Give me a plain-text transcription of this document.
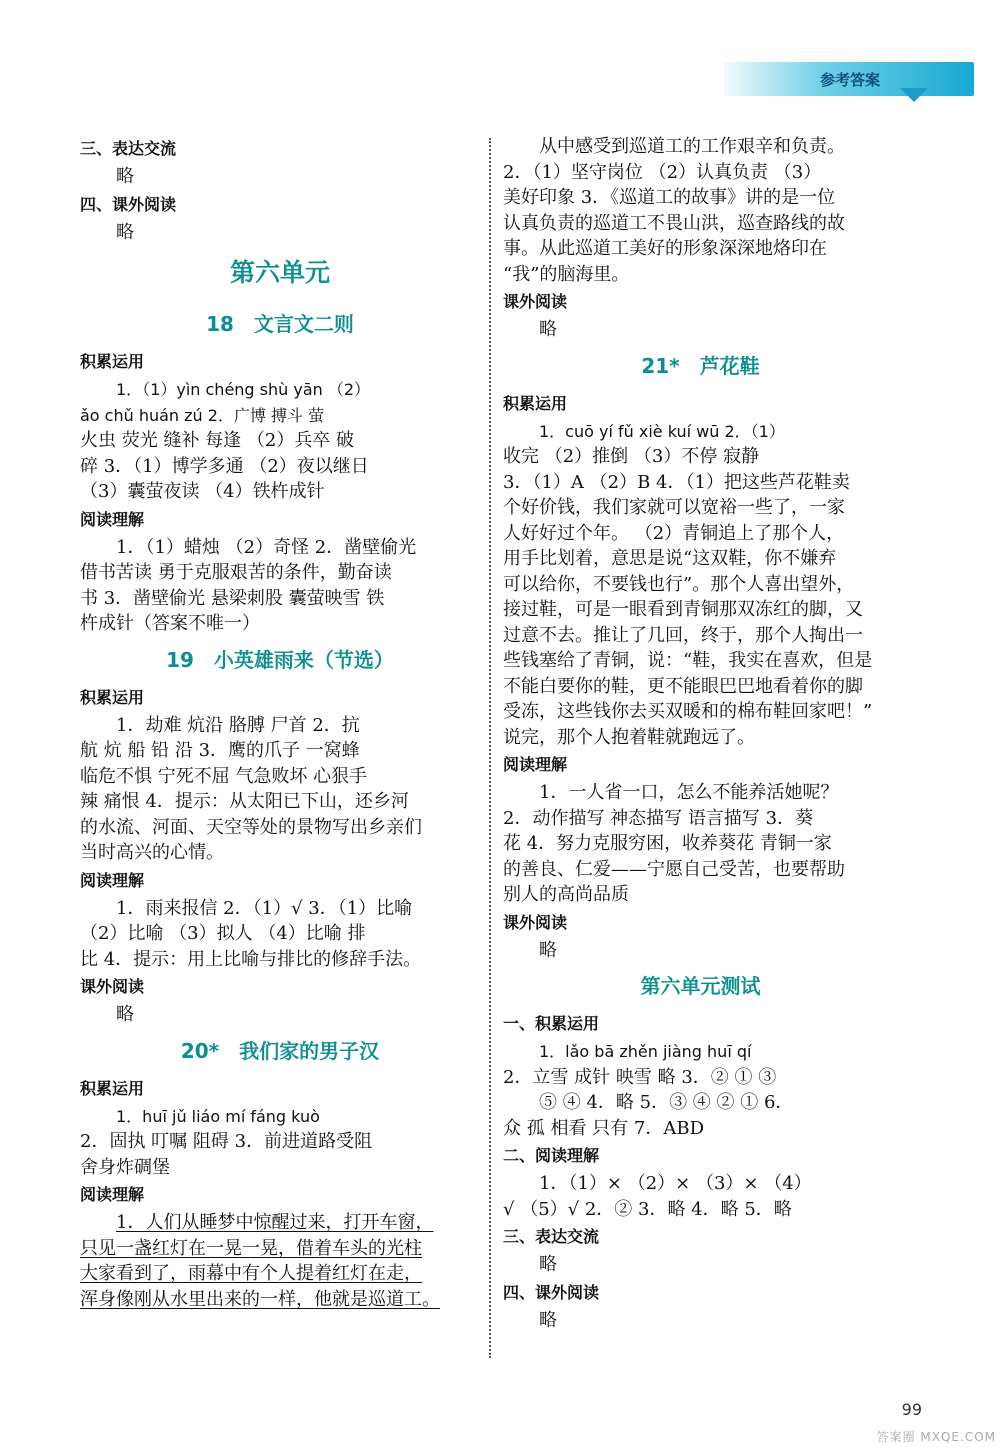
参考答案
三、表达交流
略
四、课外阅读
略
第六单元
18　文言文二则
积累运用
1．（1）yìn chéng shù yān （2）
ǎo chǔ huán zú 2．广博 搏斗 萤
火虫 荧光 缝补 每逢 （2）兵卒 破
碎 3．（1）博学多通 （2）夜以继日
（3）囊萤夜读 （4）铁杵成针
阅读理解
1．（1）蜡烛 （2）奇怪 2．凿壁偷光
借书苦读 勇于克服艰苦的条件，勤奋读
书 3．凿壁偷光 悬梁刺股 囊萤映雪 铁
杵成针（答案不唯一）
19　小英雄雨来（节选）
积累运用
1．劫难 炕沿 胳膊 尸首 2．抗
航 炕 船 铅 沿 3．鹰的爪子 一窝蜂
临危不惧 宁死不屈 气急败坏 心狠手
辣 痛恨 4．提示：从太阳已下山，还乡河
的水流、河面、天空等处的景物写出乡亲们
当时高兴的心情。
阅读理解
1．雨来报信 2．（1）√ 3．（1）比喻
（2）比喻 （3）拟人 （4）比喻 排
比 4．提示：用上比喻与排比的修辞手法。
课外阅读
略
20*　我们家的男子汉
积累运用
1．huī jǔ liáo mí fáng kuò
2．固执 叮嘱 阻碍 3．前进道路受阻
舍身炸碉堡
阅读理解
1．人们从睡梦中惊醒过来，打开车窗，
只见一盏红灯在一晃一晃，借着车头的光柱
大家看到了，雨幕中有个人提着红灯在走，
浑身像刚从水里出来的一样，他就是巡道工。
从中感受到巡道工的工作艰辛和负责。
2．（1）坚守岗位 （2）认真负责 （3）
美好印象 3．《巡道工的故事》讲的是一位
认真负责的巡道工不畏山洪，巡查路线的故
事。从此巡道工美好的形象深深地烙印在
“我”的脑海里。
课外阅读
略
21*　芦花鞋
积累运用
1．cuō yí fǔ xiè kuí wū 2．（1）
收完 （2）推倒 （3）不停 寂静
3．（1）A （2）B 4．（1）把这些芦花鞋卖
个好价钱，我们家就可以宽裕一些了，一家
人好好过个年。 （2）青铜追上了那个人，
用手比划着，意思是说“这双鞋，你不嫌弃
可以给你，不要钱也行”。那个人喜出望外，
接过鞋，可是一眼看到青铜那双冻红的脚，又
过意不去。推让了几回，终于，那个人掏出一
些钱塞给了青铜，说：“鞋，我实在喜欢，但是
不能白要你的鞋，更不能眼巴巴地看着你的脚
受冻，这些钱你去买双暖和的棉布鞋回家吧！”
说完，那个人抱着鞋就跑远了。
阅读理解
1．一人省一口，怎么不能养活她呢？
2．动作描写 神态描写 语言描写 3．葵
花 4．努力克服穷困，收养葵花 青铜一家
的善良、仁爱——宁愿自己受苦，也要帮助
别人的高尚品质
课外阅读
略
第六单元测试
一、积累运用
1．lǎo bā zhěn jiàng huī qí
2．立雪 成针 映雪 略 3．② ① ③
⑤ ④ 4．略 5．③ ④ ② ① 6．
众 孤 相看 只有 7．ABD
二、阅读理解
1．（1）× （2）× （3）× （4）
√ （5）√ 2．② 3．略 4．略 5．略
三、表达交流
略
四、课外阅读
略
99
答案圈 MXQE.COM
